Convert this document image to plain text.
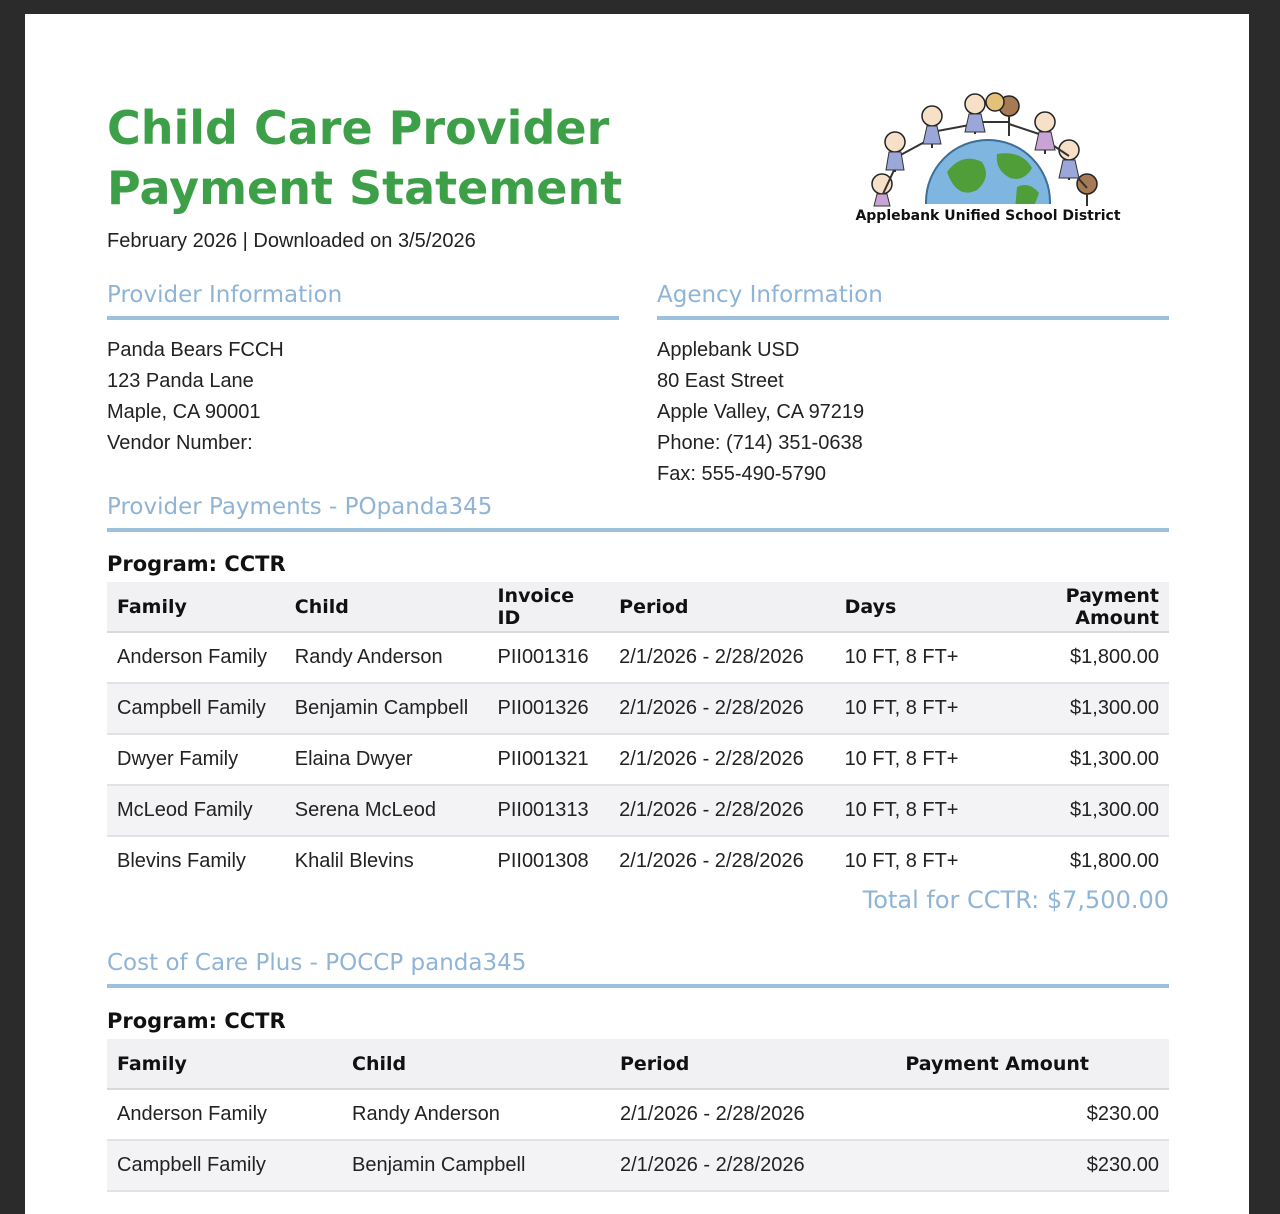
Child Care Provider Payment Statement
February 2026 | Downloaded on 3/5/2026
Applebank Unified School District
Provider Information
Panda Bears FCCH
123 Panda Lane
Maple, CA 90001
Vendor Number:
Agency Information
Applebank USD
80 East Street
Apple Valley, CA 97219
Phone: (714) 351-0638
Fax: 555-490-5790
Provider Payments - POpanda345
Program: CCTR
Family	Child	Invoice ID	Period	Days	Payment Amount
Anderson Family	Randy Anderson	PII001316	2/1/2026 - 2/28/2026	10 FT, 8 FT+	$1,800.00
Campbell Family	Benjamin Campbell	PII001326	2/1/2026 - 2/28/2026	10 FT, 8 FT+	$1,300.00
Dwyer Family	Elaina Dwyer	PII001321	2/1/2026 - 2/28/2026	10 FT, 8 FT+	$1,300.00
McLeod Family	Serena McLeod	PII001313	2/1/2026 - 2/28/2026	10 FT, 8 FT+	$1,300.00
Blevins Family	Khalil Blevins	PII001308	2/1/2026 - 2/28/2026	10 FT, 8 FT+	$1,800.00
Total for CCTR: $7,500.00
Cost of Care Plus - POCCP panda345
Program: CCTR
Family	Child	Period	Payment Amount
Anderson Family	Randy Anderson	2/1/2026 - 2/28/2026	$230.00
Campbell Family	Benjamin Campbell	2/1/2026 - 2/28/2026	$230.00
